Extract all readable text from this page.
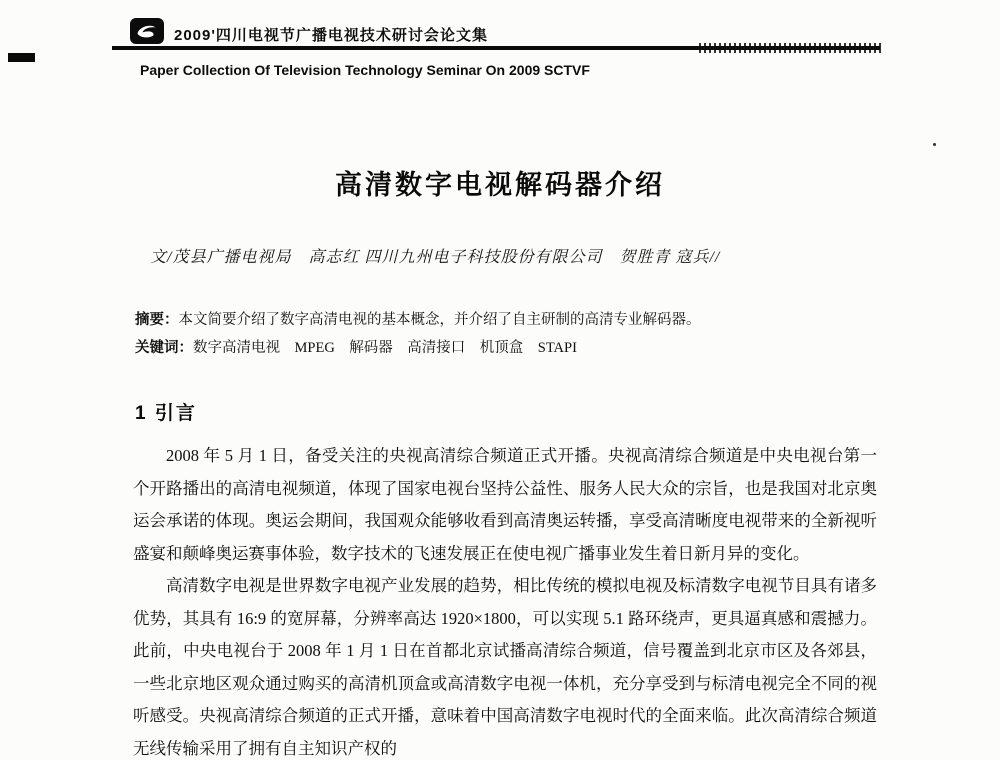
2009'四川电视节广播电视技术研讨会论文集
Paper Collection Of Television Technology Seminar On 2009 SCTVF
高清数字电视解码器介绍

文/茂县广播电视局　高志红 四川九州电子科技股份有限公司　贺胜青 寇兵//

摘要：本文简要介绍了数字高清电视的基本概念，并介绍了自主研制的高清专业解码器。

关键词：数字高清电视　MPEG　解码器　高清接口　机顶盒　STAPI

1 引言

2008 年 5 月 1 日，备受关注的央视高清综合频道正式开播。央视高清综合频道是中央电视台第一个开路播出的高清电视频道，体现了国家电视台坚持公益性、服务人民大众的宗旨，也是我国对北京奥运会承诺的体现。奥运会期间，我国观众能够收看到高清奥运转播，享受高清晰度电视带来的全新视听盛宴和颠峰奥运赛事体验，数字技术的飞速发展正在使电视广播事业发生着日新月异的变化。

高清数字电视是世界数字电视产业发展的趋势，相比传统的模拟电视及标清数字电视节目具有诸多优势，其具有 16:9 的宽屏幕，分辨率高达 1920×1800，可以实现 5.1 路环绕声，更具逼真感和震撼力。此前，中央电视台于 2008 年 1 月 1 日在首都北京试播高清综合频道，信号覆盖到北京市区及各郊县，一些北京地区观众通过购买的高清机顶盒或高清数字电视一体机，充分享受到与标清电视完全不同的视听感受。央视高清综合频道的正式开播，意味着中国高清数字电视时代的全面来临。此次高清综合频道无线传输采用了拥有自主知识产权的
